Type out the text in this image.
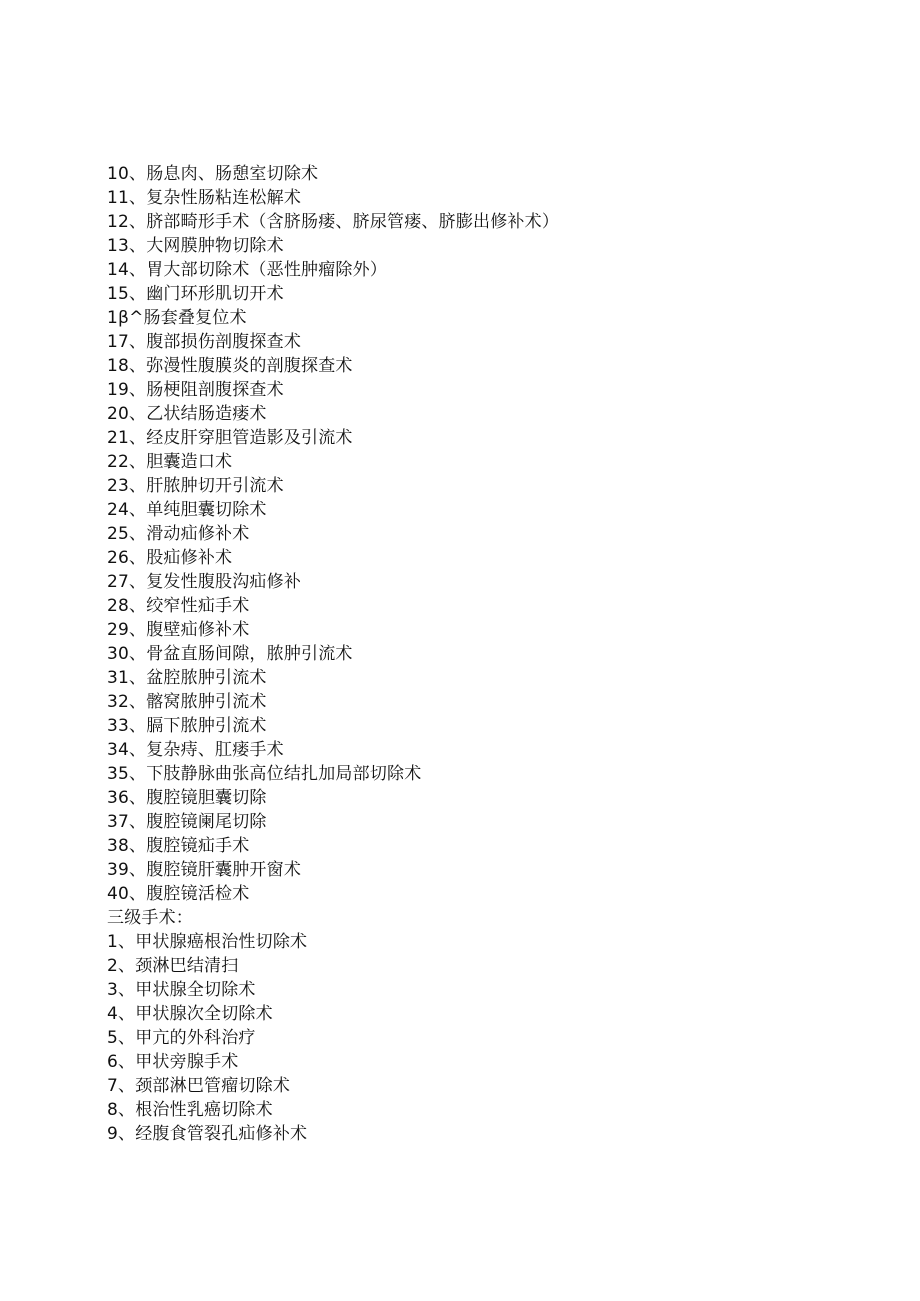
10、肠息肉、肠憩室切除术
11、复杂性肠粘连松解术
12、脐部畸形手术（含脐肠瘘、脐尿管瘘、脐膨出修补术）
13、大网膜肿物切除术
14、胃大部切除术（恶性肿瘤除外）
15、幽门环形肌切开术
1β^肠套叠复位术
17、腹部损伤剖腹探查术
18、弥漫性腹膜炎的剖腹探查术
19、肠梗阻剖腹探查术
20、乙状结肠造瘘术
21、经皮肝穿胆管造影及引流术
22、胆囊造口术
23、肝脓肿切开引流术
24、单纯胆囊切除术
25、滑动疝修补术
26、股疝修补术
27、复发性腹股沟疝修补
28、绞窄性疝手术
29、腹壁疝修补术
30、骨盆直肠间隙，脓肿引流术
31、盆腔脓肿引流术
32、髂窝脓肿引流术
33、膈下脓肿引流术
34、复杂痔、肛瘘手术
35、下肢静脉曲张高位结扎加局部切除术
36、腹腔镜胆囊切除
37、腹腔镜阑尾切除
38、腹腔镜疝手术
39、腹腔镜肝囊肿开窗术
40、腹腔镜活检术
三级手术：
1、甲状腺癌根治性切除术
2、颈淋巴结清扫
3、甲状腺全切除术
4、甲状腺次全切除术
5、甲亢的外科治疗
6、甲状旁腺手术
7、颈部淋巴管瘤切除术
8、根治性乳癌切除术
9、经腹食管裂孔疝修补术
